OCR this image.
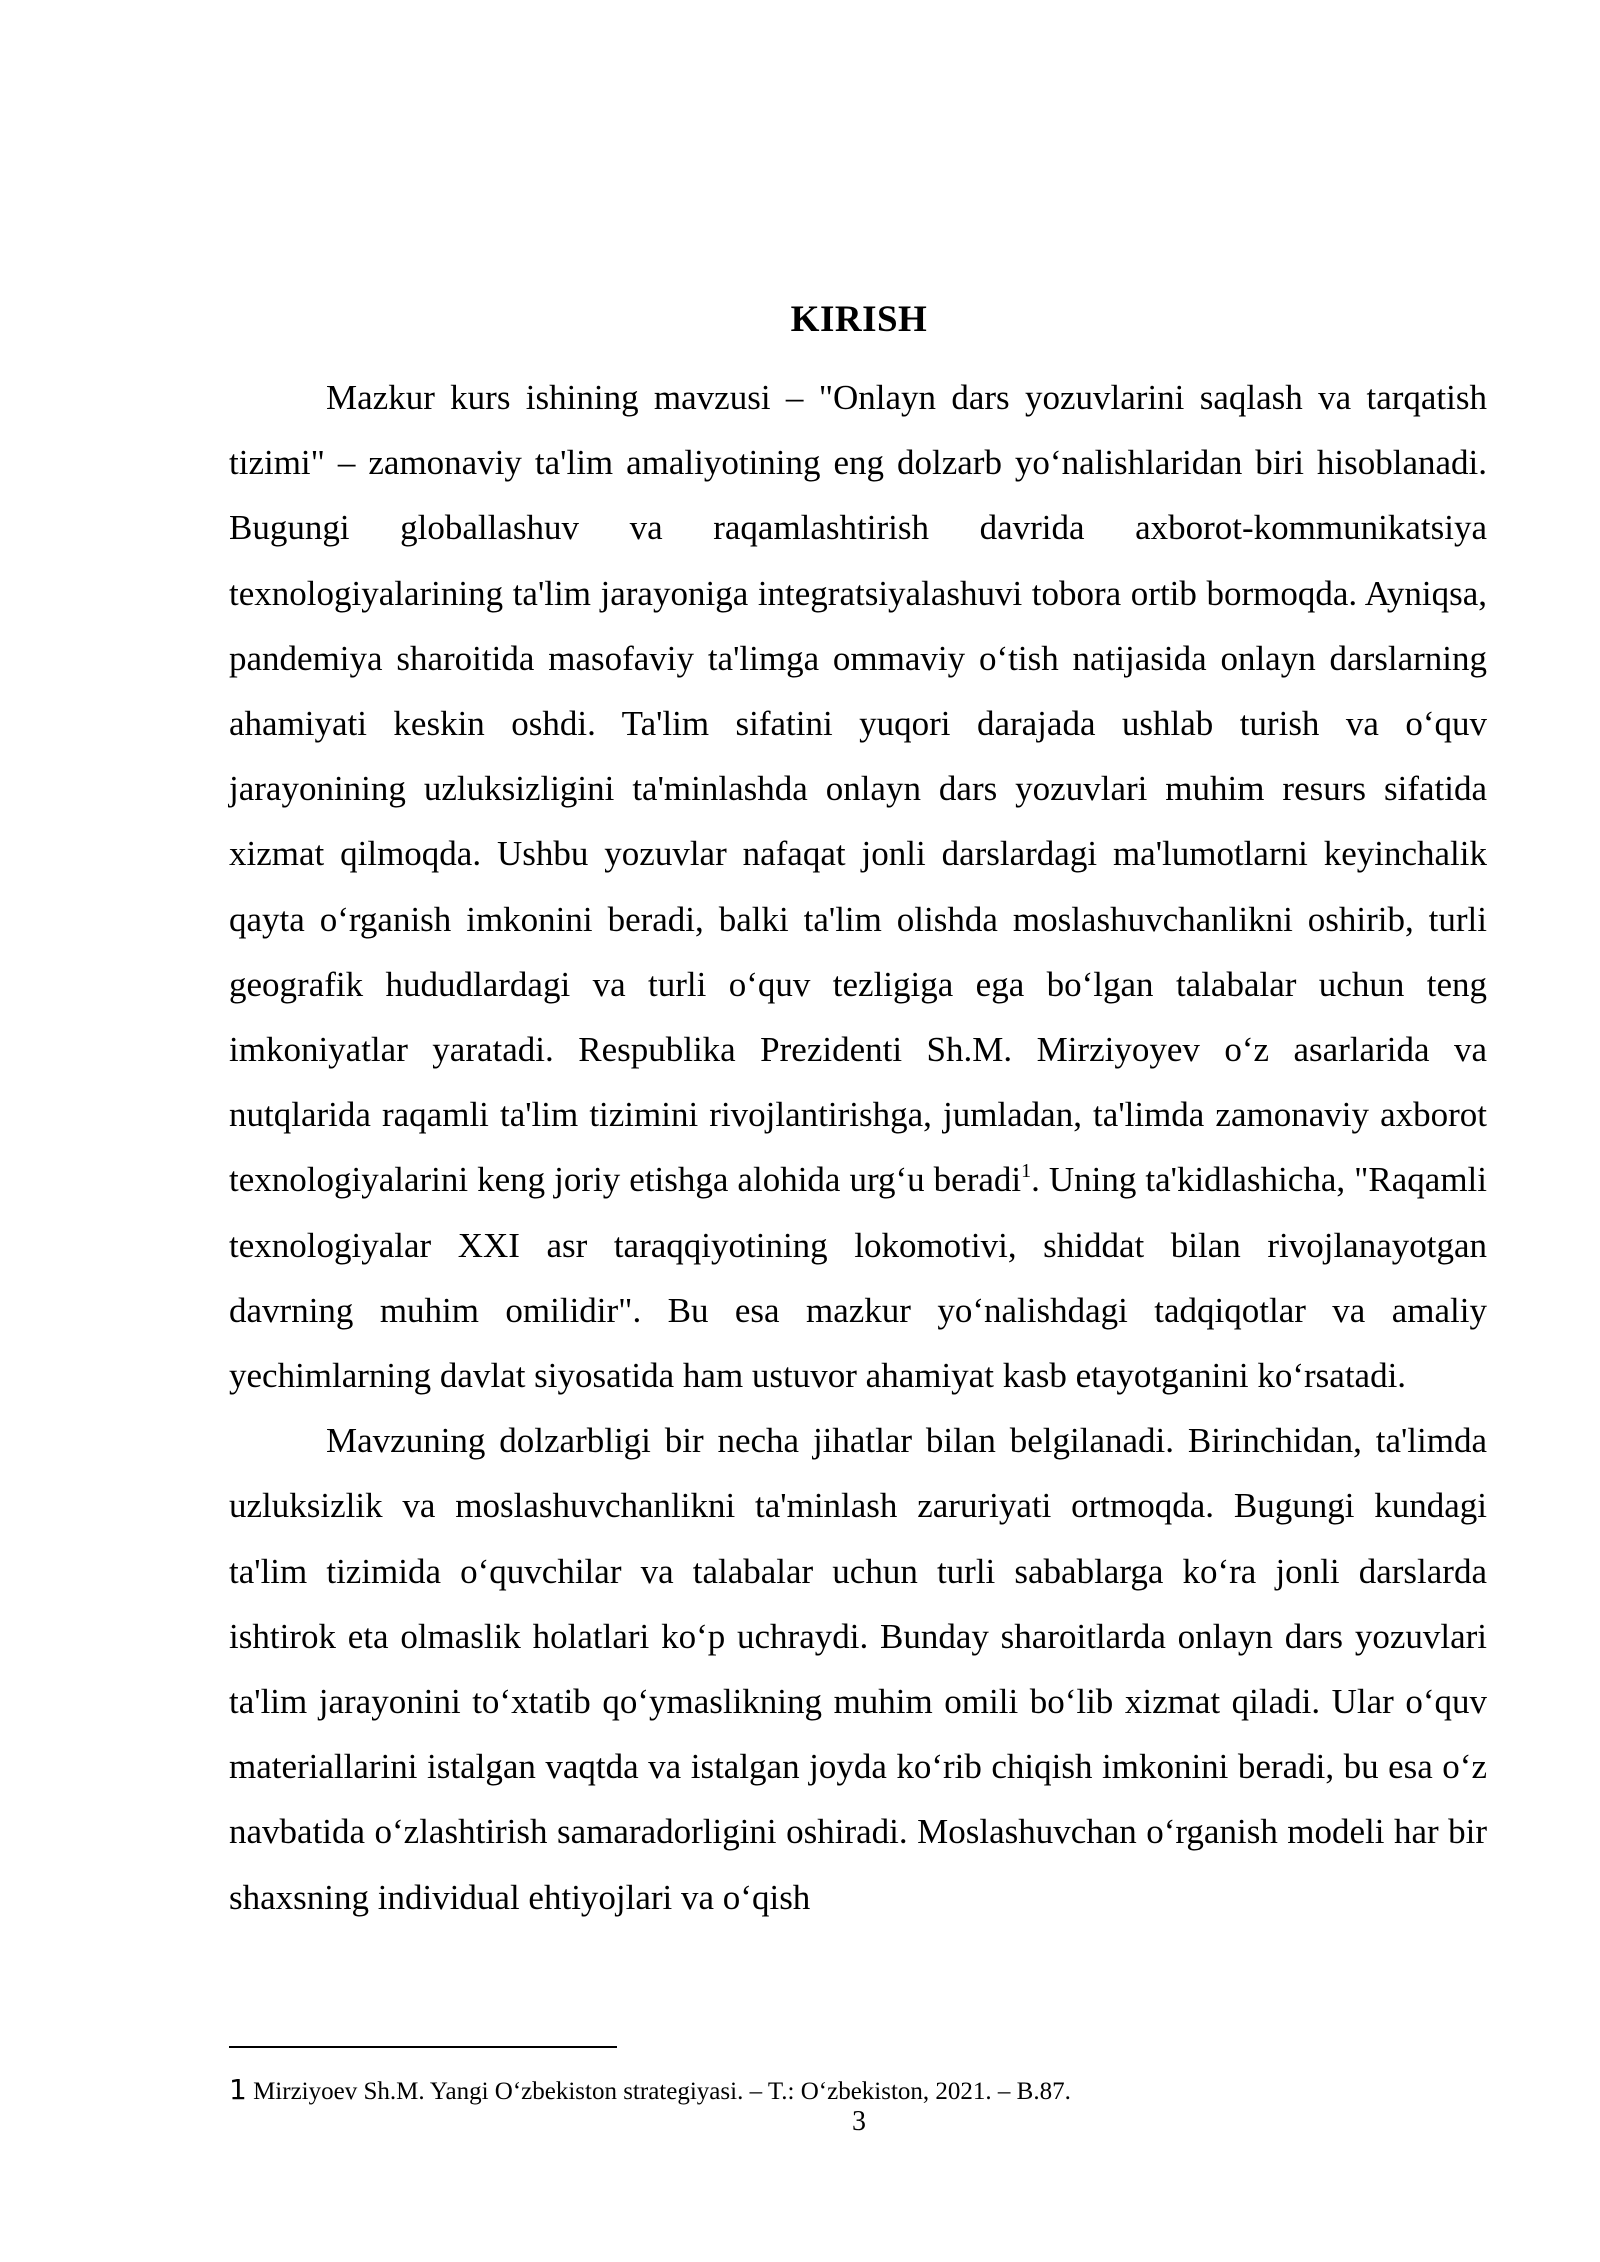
KIRISH

Mazkur kurs ishining mavzusi – "Onlayn dars yozuvlarini saqlash va tarqatish tizimi" – zamonaviy ta'lim amaliyotining eng dolzarb yoʻnalishlaridan biri hisoblanadi. Bugungi globallashuv va raqamlashtirish davrida axborot-kommunikatsiya texnologiyalarining ta'lim jarayoniga integratsiyalashuvi tobora ortib bormoqda. Ayniqsa, pandemiya sharoitida masofaviy ta'limga ommaviy oʻtish natijasida onlayn darslarning ahamiyati keskin oshdi. Ta'lim sifatini yuqori darajada ushlab turish va oʻquv jarayonining uzluksizligini ta'minlashda onlayn dars yozuvlari muhim resurs sifatida xizmat qilmoqda. Ushbu yozuvlar nafaqat jonli darslardagi ma'lumotlarni keyinchalik qayta oʻrganish imkonini beradi, balki ta'lim olishda moslashuvchanlikni oshirib, turli geografik hududlardagi va turli oʻquv tezligiga ega boʻlgan talabalar uchun teng imkoniyatlar yaratadi. Respublika Prezidenti Sh.M. Mirziyoyev oʻz asarlarida va nutqlarida raqamli ta'lim tizimini rivojlantirishga, jumladan, ta'limda zamonaviy axborot texnologiyalarini keng joriy etishga alohida urgʻu beradi$^1$. Uning ta'kidlashicha, "Raqamli texnologiyalar XXI asr taraqqiyotining lokomotivi, shiddat bilan rivojlanayotgan davrning muhim omilidir". Bu esa mazkur yoʻnalishdagi tadqiqotlar va amaliy yechimlarning davlat siyosatida ham ustuvor ahamiyat kasb etayotganini koʻrsatadi.

Mavzuning dolzarbligi bir necha jihatlar bilan belgilanadi. Birinchidan, ta'limda uzluksizlik va moslashuvchanlikni ta'minlash zaruriyati ortmoqda. Bugungi kundagi ta'lim tizimida oʻquvchilar va talabalar uchun turli sabablarga koʻra jonli darslarda ishtirok eta olmaslik holatlari koʻp uchraydi. Bunday sharoitlarda onlayn dars yozuvlari ta'lim jarayonini toʻxtatib qoʻymaslikning muhim omili boʻlib xizmat qiladi. Ular oʻquv materiallarini istalgan vaqtda va istalgan joyda koʻrib chiqish imkonini beradi, bu esa oʻz navbatida oʻzlashtirish samaradorligini oshiradi. Moslashuvchan oʻrganish modeli har bir shaxsning individual ehtiyojlari va oʻqish

1 Mirziyoev Sh.M. Yangi Oʻzbekiston strategiyasi. – T.: Oʻzbekiston, 2021. – B.87.
3
